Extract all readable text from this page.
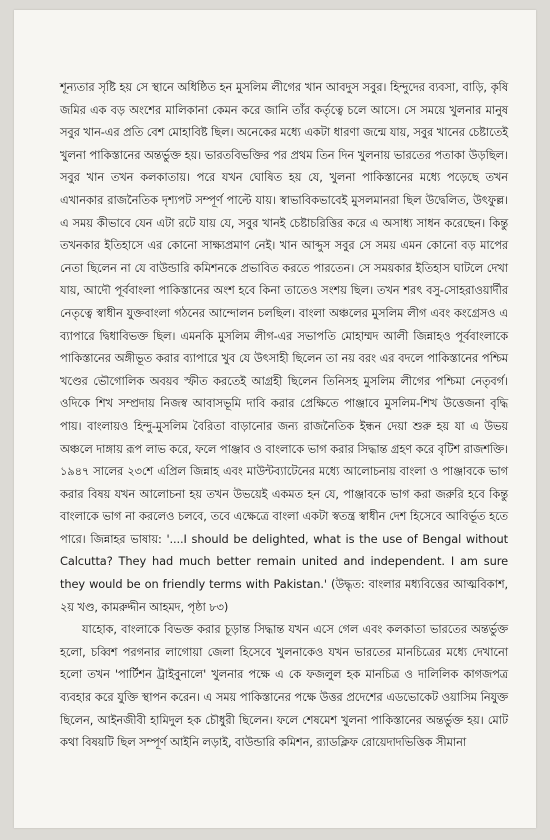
শূন্যতার সৃষ্টি হয় সে স্থানে অধিষ্ঠিত হন মুসলিম লীগের খান আবদুস সবুর। হিন্দুদের ব্যবসা, বাড়ি, কৃষি জমির এক বড় অংশের মালিকানা কেমন করে জানি তাঁর কর্তৃত্বে চলে আসে। সে সময়ে খুলনার মানুষ সবুর খান-এর প্রতি বেশ মোহাবিষ্ট ছিল। অনেকের মধ্যে একটা ধারণা জন্মে যায়, সবুর খানের চেষ্টাতেই খুলনা পাকিস্তানের অন্তর্ভুক্ত হয়। ভারতবিভক্তির পর প্রথম তিন দিন খুলনায় ভারতের পতাকা উড়ছিল। সবুর খান তখন কলকাতায়। পরে যখন ঘোষিত হয় যে, খুলনা পাকিস্তানের মধ্যে পড়েছে তখন এখানকার রাজনৈতিক দৃশ্যপট সম্পূর্ণ পাল্টে যায়। স্বাভাবিকভাবেই মুসলমানরা ছিল উদ্বেলিত, উৎফুল্ল। এ সময় কীভাবে যেন এটা রটে যায় যে, সবুর খানই চেষ্টাচরিত্তির করে এ অসাধ্য সাধন করেছেন। কিন্তু তখনকার ইতিহাসে এর কোনো সাক্ষ্যপ্রমাণ নেই। খান আব্দুস সবুর সে সময় এমন কোনো বড় মাপের নেতা ছিলেন না যে বাউন্ডারি কমিশনকে প্রভাবিত করতে পারতেন। সে সময়কার ইতিহাস ঘাটলে দেখা যায়, আদৌ পূর্ববাংলা পাকিস্তানের অংশ হবে কিনা তাতেও সংশয় ছিল। তখন শরৎ বসু-সোহরাওয়ার্দীর নেতৃত্বে স্বাধীন যুক্তবাংলা গঠনের আন্দোলন চলছিল। বাংলা অঞ্চলের মুসলিম লীগ এবং কংগ্রেসও এ ব্যাপারে দ্বিধাবিভক্ত ছিল। এমনকি মুসলিম লীগ-এর সভাপতি মোহাম্মদ আলী জিন্নাহও পূর্ববাংলাকে পাকিস্তানের অঙ্গীভূত করার ব্যাপারে খুব যে উৎসাহী ছিলেন তা নয় বরং এর বদলে পাকিস্তানের পশ্চিম খণ্ডের ভৌগোলিক অবয়ব স্ফীত করতেই আগ্রহী ছিলেন তিনিসহ মুসলিম লীগের পশ্চিমা নেতৃবর্গ। ওদিকে শিখ সম্প্রদায় নিজস্ব আবাসভূমি দাবি করার প্রেক্ষিতে পাঞ্জাবে মুসলিম-শিখ উত্তেজনা বৃদ্ধি পায়। বাংলায়ও হিন্দু-মুসলিম বৈরিতা বাড়ানোর জন্য রাজনৈতিক ইন্ধন দেয়া শুরু হয় যা এ উভয় অঞ্চলে দাঙ্গায় রূপ লাভ করে, ফলে পাঞ্জাব ও বাংলাকে ভাগ করার সিদ্ধান্ত গ্রহণ করে বৃটিশ রাজশক্তি। ১৯৪৭ সালের ২৩শে এপ্রিল জিন্নাহ এবং মাউন্টব্যাটেনের মধ্যে আলোচনায় বাংলা ও পাঞ্জাবকে ভাগ করার বিষয় যখন আলোচনা হয় তখন উভয়েই একমত হন যে, পাঞ্জাবকে ভাগ করা জরুরি হবে কিন্তু বাংলাকে ভাগ না করলেও চলবে, তবে এক্ষেত্রে বাংলা একটা স্বতন্ত্র স্বাধীন দেশ হিসেবে আবির্ভূত হতে পারে। জিন্নাহর ভাষায়: '....I should be delighted, what is the use of Bengal without Calcutta? They had much better remain united and independent. I am sure they would be on friendly terms with Pakistan.' (উদ্ধৃত: বাংলার মধ্যবিত্তের আত্মবিকাশ, ২য় খণ্ড, কামরুদ্দীন আহমদ, পৃষ্ঠা ৮৩)

যাহোক, বাংলাকে বিভক্ত করার চূড়ান্ত সিদ্ধান্ত যখন এসে গেল এবং কলকাতা ভারতের অন্তর্ভুক্ত হলো, চব্বিশ পরগনার লাগোয়া জেলা হিসেবে খুলনাকেও যখন ভারতের মানচিত্রের মধ্যে দেখানো হলো তখন 'পার্টিশন ট্রাইবুনালে' খুলনার পক্ষে এ কে ফজলুল হক মানচিত্র ও দালিলিক কাগজপত্র ব্যবহার করে যুক্তি স্থাপন করেন। এ সময় পাকিস্তানের পক্ষে উত্তর প্রদেশের এডভোকেট ওয়াসিম নিযুক্ত ছিলেন, আইনজীবী হামিদুল হক চৌধুরী ছিলেন। ফলে শেষমেশ খুলনা পাকিস্তানের অন্তর্ভুক্ত হয়। মোট কথা বিষয়টি ছিল সম্পূর্ণ আইনি লড়াই, বাউন্ডারি কমিশন, র‍্যাডক্লিফ রোয়েদাদভিত্তিক সীমানা
